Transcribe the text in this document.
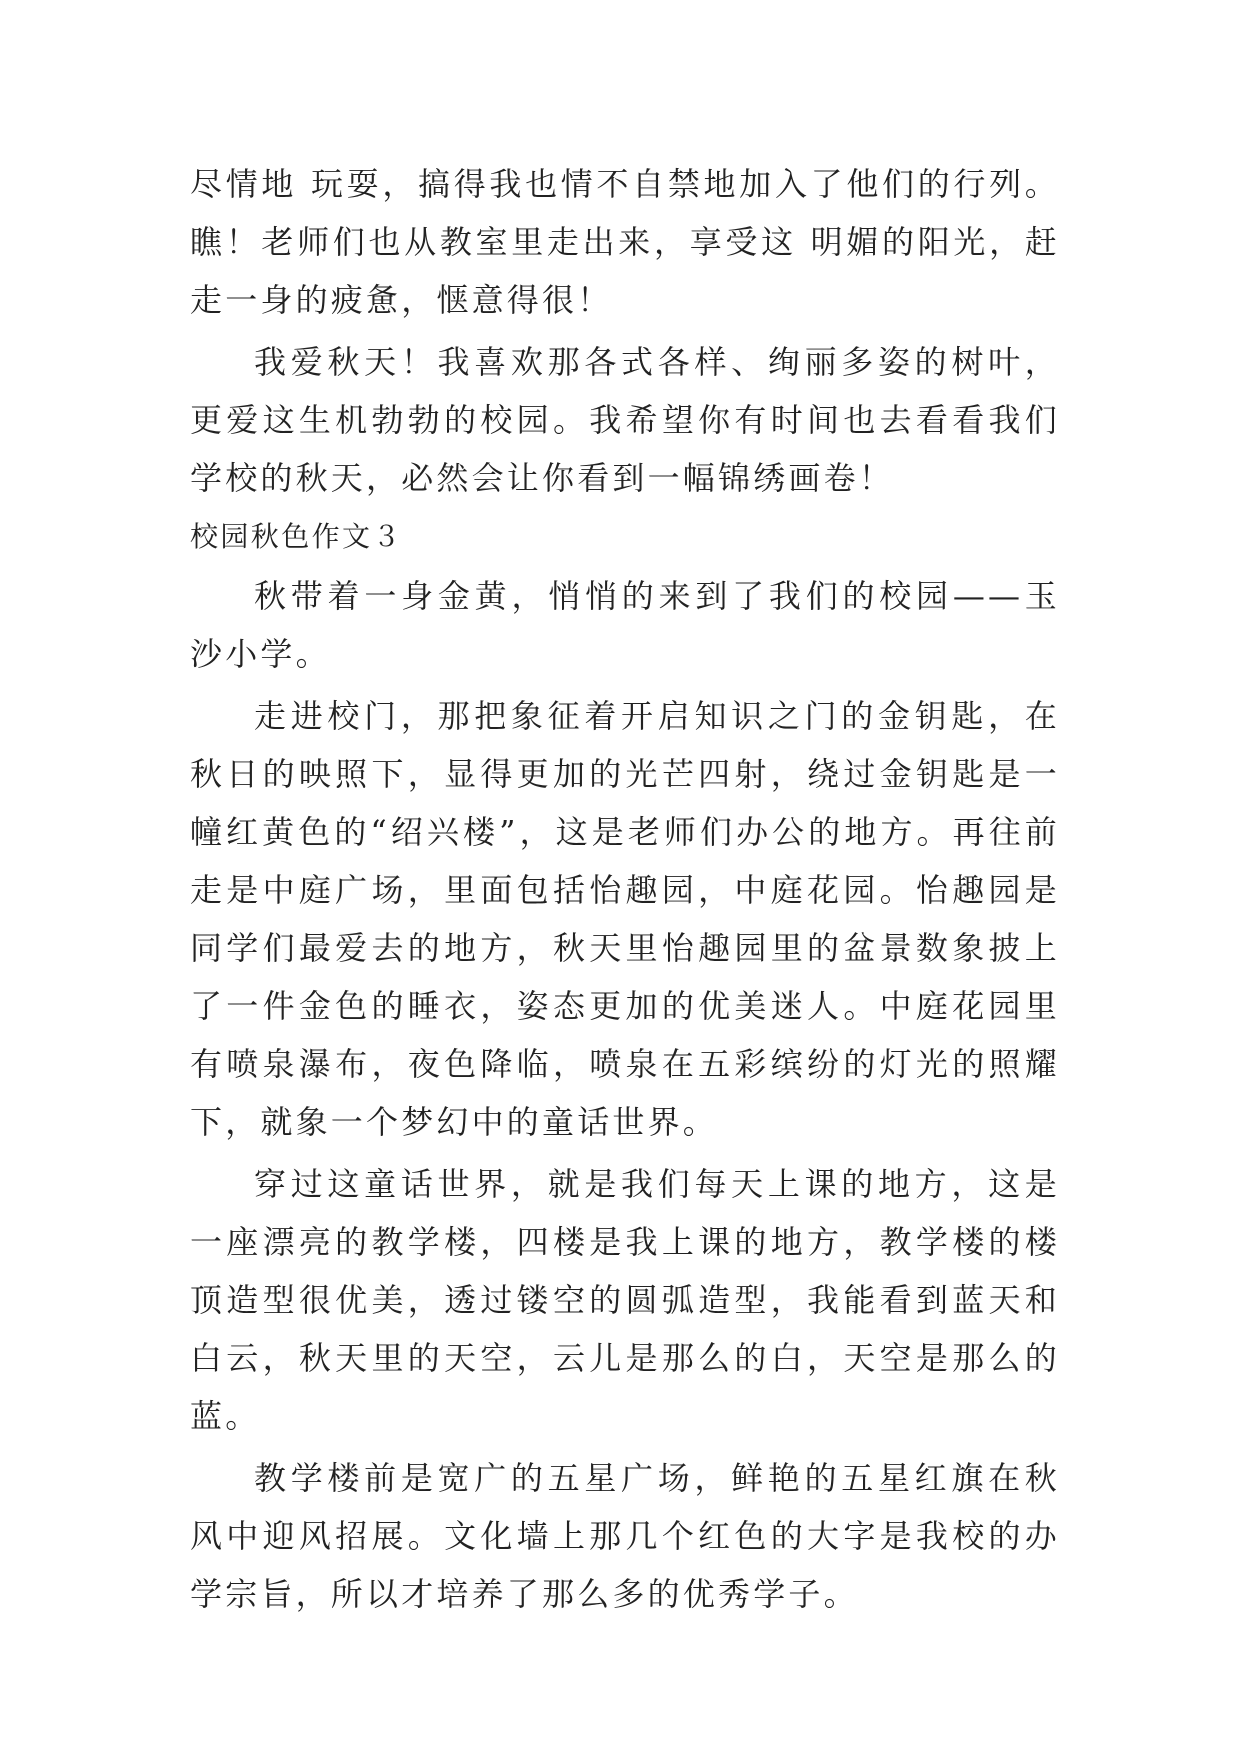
尽情地 玩耍，搞得我也情不自禁地加入了他们的行列。瞧！老师们也从教室里走出来，享受这 明媚的阳光，赶走一身的疲惫，惬意得很！

我爱秋天！我喜欢那各式各样、绚丽多姿的树叶，更爱这生机勃勃的校园。我希望你有时间也去看看我们学校的秋天，必然会让你看到一幅锦绣画卷！

校园秋色作文３

秋带着一身金黄，悄悄的来到了我们的校园——玉沙小学。

走进校门，那把象征着开启知识之门的金钥匙，在秋日的映照下，显得更加的光芒四射，绕过金钥匙是一幢红黄色的“绍兴楼”，这是老师们办公的地方。再往前走是中庭广场，里面包括怡趣园，中庭花园。怡趣园是同学们最爱去的地方，秋天里怡趣园里的盆景数象披上了一件金色的睡衣，姿态更加的优美迷人。中庭花园里有喷泉瀑布，夜色降临，喷泉在五彩缤纷的灯光的照耀下，就象一个梦幻中的童话世界。

穿过这童话世界，就是我们每天上课的地方，这是一座漂亮的教学楼，四楼是我上课的地方，教学楼的楼顶造型很优美，透过镂空的圆弧造型，我能看到蓝天和白云，秋天里的天空，云儿是那么的白，天空是那么的蓝。

教学楼前是宽广的五星广场，鲜艳的五星红旗在秋风中迎风招展。文化墙上那几个红色的大字是我校的办学宗旨，所以才培养了那么多的优秀学子。
